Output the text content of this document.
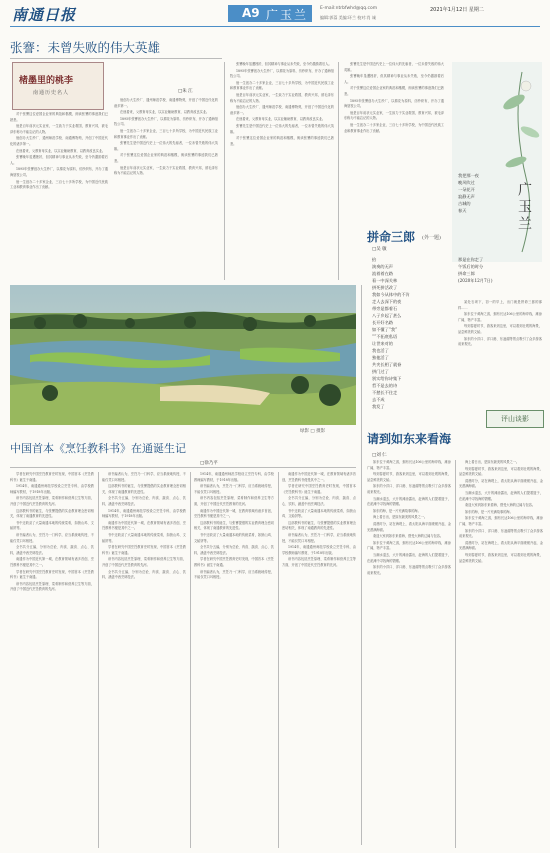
南通日报	A9 广玉兰	E-mail:ntrbfwhd@qq.com	2021年1月12日 星期二
编辑:郭荔 美编:环兰 校对:肖 诚
张謇：未曾失败的伟大英雄
楮墨里的桃李
南通历史名人

对于张謇这位爱国企业家的典范和楷模，朗读张謇的事迹我们已熟悉。

他是百年前状元实业家，一生致力于实业救国，教育兴邦，被毛泽东称为不能忘记的人物。

他创办大生纱厂、通州师范学校、南通博物苑，开创了中国近代化的诸多第一。

在他看来，父教育母实业，以实业辅助教育，以教育改良实业。

张謇晚年虽遭挫折，但其精神与事业从未失败，至今仍激励着后人。

1895年张謇创办大生纱厂，以棉花为原料，纺纱织布，开办了通海垦牧公司。

他一生创办二十多家企业，三百七十多所学校，为中国近代民族工业和教育事业作出了贡献。

□朱 江

他创办大生纱厂、通州师范学校、南通博物苑，开创了中国近代化的诸多第一。

在他看来，父教育母实业，以实业辅助教育，以教育改良实业。

1895年张謇创办大生纱厂，以棉花为原料，纺纱织布，开办了通海垦牧公司。

他一生创办二十多家企业，三百七十多所学校，为中国近代民族工业和教育事业作出了贡献。

张謇先生是中国近代史上一位伟大的先驱者，一位未曾失败的伟大英雄。

对于张謇这位爱国企业家的典范和楷模，朗读张謇的事迹我们已熟悉。

他是百年前状元实业家，一生致力于实业救国，教育兴邦，被毛泽东称为不能忘记的人物。

张謇晚年虽遭挫折，但其精神与事业从未失败，至今仍激励着后人。

1895年张謇创办大生纱厂，以棉花为原料，纺纱织布，开办了通海垦牧公司。

他一生创办二十多家企业，三百七十多所学校，为中国近代民族工业和教育事业作出了贡献。

他是百年前状元实业家，一生致力于实业救国，教育兴邦，被毛泽东称为不能忘记的人物。

他创办大生纱厂、通州师范学校、南通博物苑，开创了中国近代化的诸多第一。

在他看来，父教育母实业，以实业辅助教育，以教育改良实业。

张謇先生是中国近代史上一位伟大的先驱者，一位未曾失败的伟大英雄。

对于张謇这位爱国企业家的典范和楷模，朗读张謇的事迹我们已熟悉。

张謇先生是中国近代史上一位伟大的先驱者，一位未曾失败的伟大英雄。

张謇晚年虽遭挫折，但其精神与事业从未失败，至今仍激励着后人。

对于张謇这位爱国企业家的典范和楷模，朗读张謇的事迹我们已熟悉。

1895年张謇创办大生纱厂，以棉花为原料，纺纱织布，开办了通海垦牧公司。

他是百年前状元实业家，一生致力于实业救国，教育兴邦，被毛泽东称为不能忘记的人物。

他一生创办二十多家企业，三百七十多所学校，为中国近代民族工业和教育事业作出了贡献。

广玉兰
我把那一夜
晚风吹过
一朵花开
寂静无声
古城的
春天
绿影 □ 摄影
中国首本《烹饪教科书》在通诞生记
□徐乃平

学者在研究中国烹饪教育史时发现，中国首本《烹饪教科书》诞生于南通。

1914年，南通通州师范学校设立烹饪专科，由学校教师编写教材，于1918年出版。

该书内容包括烹饪原理、菜肴制作和营养卫生等方面，开创了中国近代烹饪教育的先河。

这部教科书的诞生，与张謇提倡的实业教育理念密切相关，体现了南通教育的先进性。

书中还收录了大量南通本地的传统菜肴，如狼山鸡、文蛤饼等。

该书编者认为，烹饪乃一门科学，应当系统地传授，不能仅凭口耳相授。

全书共分五编，分别为总论、肉食、蔬食、点心、饮料，涵盖中西烹调技法。

南通作为中国近代第一城，在教育领域有诸多首创，烹饪教科书便是其中之一。

学者在研究中国烹饪教育史时发现，中国首本《烹饪教科书》诞生于南通。

该书内容包括烹饪原理、菜肴制作和营养卫生等方面，开创了中国近代烹饪教育的先河。

该书编者认为，烹饪乃一门科学，应当系统地传授，不能仅凭口耳相授。

这部教科书的诞生，与张謇提倡的实业教育理念密切相关，体现了南通教育的先进性。

全书共分五编，分别为总论、肉食、蔬食、点心、饮料，涵盖中西烹调技法。

1914年，南通通州师范学校设立烹饪专科，由学校教师编写教材，于1918年出版。

南通作为中国近代第一城，在教育领域有诸多首创，烹饪教科书便是其中之一。

书中还收录了大量南通本地的传统菜肴，如狼山鸡、文蛤饼等。

学者在研究中国烹饪教育史时发现，中国首本《烹饪教科书》诞生于南通。

该书内容包括烹饪原理、菜肴制作和营养卫生等方面，开创了中国近代烹饪教育的先河。

全书共分五编，分别为总论、肉食、蔬食、点心、饮料，涵盖中西烹调技法。

1914年，南通通州师范学校设立烹饪专科，由学校教师编写教材，于1918年出版。

该书编者认为，烹饪乃一门科学，应当系统地传授，不能仅凭口耳相授。

该书内容包括烹饪原理、菜肴制作和营养卫生等方面，开创了中国近代烹饪教育的先河。

南通作为中国近代第一城，在教育领域有诸多首创，烹饪教科书便是其中之一。

这部教科书的诞生，与张謇提倡的实业教育理念密切相关，体现了南通教育的先进性。

书中还收录了大量南通本地的传统菜肴，如狼山鸡、文蛤饼等。

全书共分五编，分别为总论、肉食、蔬食、点心、饮料，涵盖中西烹调技法。

学者在研究中国烹饪教育史时发现，中国首本《烹饪教科书》诞生于南通。

该书编者认为，烹饪乃一门科学，应当系统地传授，不能仅凭口耳相授。

南通作为中国近代第一城，在教育领域有诸多首创，烹饪教科书便是其中之一。

学者在研究中国烹饪教育史时发现，中国首本《烹饪教科书》诞生于南通。

全书共分五编，分别为总论、肉食、蔬食、点心、饮料，涵盖中西烹调技法。

书中还收录了大量南通本地的传统菜肴，如狼山鸡、文蛤饼等。

这部教科书的诞生，与张謇提倡的实业教育理念密切相关，体现了南通教育的先进性。

该书编者认为，烹饪乃一门科学，应当系统地传授，不能仅凭口耳相授。

1914年，南通通州师范学校设立烹饪专科，由学校教师编写教材，于1918年出版。

该书内容包括烹饪原理、菜肴制作和营养卫生等方面，开创了中国近代烹饪教育的先河。

拼命三郎 (外一题)
□吴 敏
拾
演奏的无声
流着着在路
看一中深关林
拼死拼活改了
我如今从体中的不肯
走人去深下的夜
带旁是都着石
八子乡起了甚么
长开好名路
如不懂了“我”
“”不拓底私语
让世来对的
我也活了
独他活了
共夹长相了就眷
拼门过了
别实给你诗集下
哲不是去的诗
不愁长不住走
去不成
我发了
那是在你走了
午饭后的时分
拼命三郎
(2020年12月7日)

某处石坝下，初一的早上，出门就是拼命三郎的那样……

如东位于黄海之滨，拥有长达106公里的海岸线，滩涂广阔，物产丰富。

每到春夏时节，游客来到这里，可以看到壮观的海景，品尝鲜美的文蛤。

如东的小洋口、洋口港、东凌湖等景点吸引了众多游客前来观光。

评山谈影
请到如东来看海
□刘 仁

如东位于黄海之滨，拥有长达106公里的海岸线，滩涂广阔，物产丰富。

每到春夏时节，游客来到这里，可以看到壮观的海景，品尝鲜美的文蛤。

如东的小洋口、洋口港、东凌湖等景点吸引了众多游客前来观光。

当潮水退去，大片的滩涂露出，赶海的人们提着篮子，在泥滩中寻找海的馈赠。

如东的海，是一片充满故事的海。

海上看日出，是如东最美的风景之一。

清晨时分，站在海堤上，看太阳从海平面缓缓升起，金光洒满海面。

欢迎大家到如东来看海，感受大海的辽阔与包容。

如东位于黄海之滨，拥有长达106公里的海岸线，滩涂广阔，物产丰富。

当潮水退去，大片的滩涂露出，赶海的人们提着篮子，在泥滩中寻找海的馈赠。

如东的小洋口、洋口港、东凌湖等景点吸引了众多游客前来观光。

海上看日出，是如东最美的风景之一。

每到春夏时节，游客来到这里，可以看到壮观的海景，品尝鲜美的文蛤。

清晨时分，站在海堤上，看太阳从海平面缓缓升起，金光洒满海面。

当潮水退去，大片的滩涂露出，赶海的人们提着篮子，在泥滩中寻找海的馈赠。

欢迎大家到如东来看海，感受大海的辽阔与包容。

如东的海，是一片充满故事的海。

如东位于黄海之滨，拥有长达106公里的海岸线，滩涂广阔，物产丰富。

如东的小洋口、洋口港、东凌湖等景点吸引了众多游客前来观光。

清晨时分，站在海堤上，看太阳从海平面缓缓升起，金光洒满海面。

每到春夏时节，游客来到这里，可以看到壮观的海景，品尝鲜美的文蛤。
